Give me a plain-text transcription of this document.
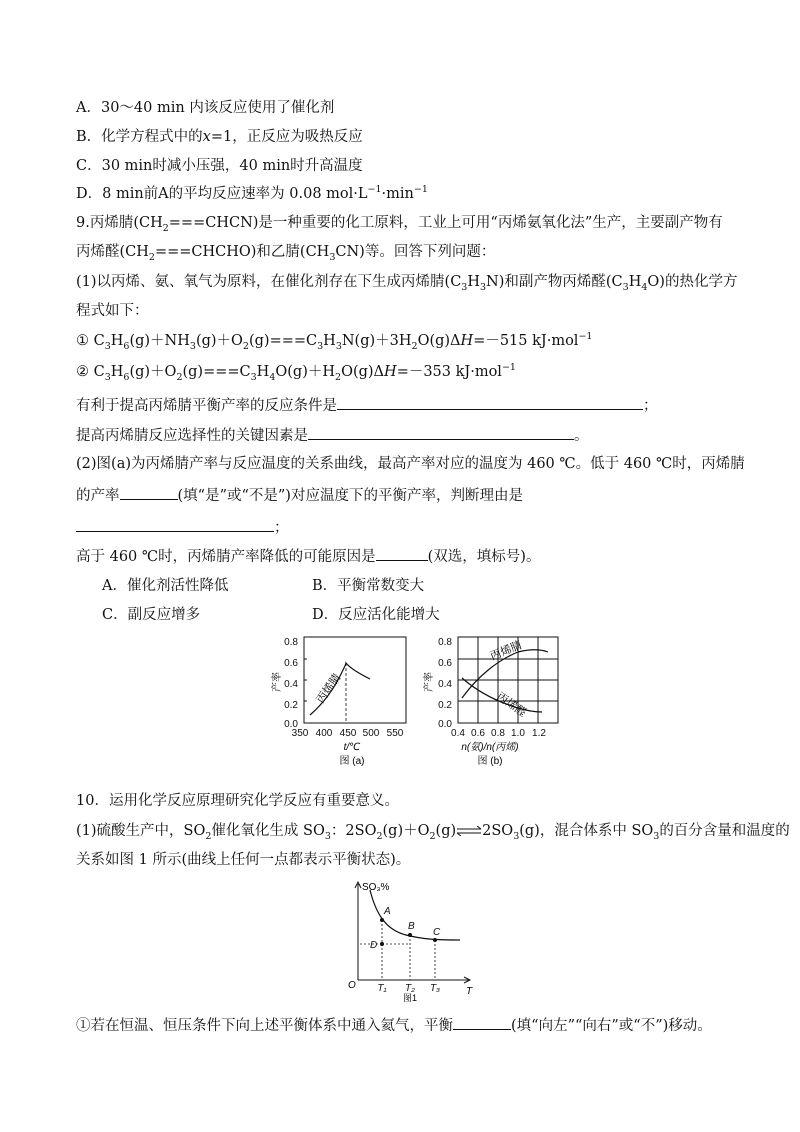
A．30～40 min 内该反应使用了催化剂
B．化学方程式中的x=1，正反应为吸热反应
C．30 min时减小压强，40 min时升高温度
D．8 min前A的平均反应速率为 0.08 $mol\cdot L^{-1}\cdot\min^{-1}$
9.丙烯腈$(CH_2===CHCN)$是一种重要的化工原料，工业上可用“丙烯氨氧化法”生产，主要副产物有
丙烯醛$(CH_2===CHCHO)$和乙腈$(CH_3CN)$等。回答下列问题：
(1)以丙烯、氨、氧气为原料，在催化剂存在下生成丙烯腈$(C_3H_3N)$和副产物丙烯醛$(C_3H_4O)$的热化学方
程式如下：
① $C_3H_6(g)+NH_3(g)+O_2(g)===C_3H_3N(g)+3H_2O(g)\Delta H=-515$ kJ·mol$^{-1}$
② $C_3H_6(g)+O_2(g)===C_3H_4O(g)+H_2O(g)\Delta H=-353$ kJ·mol$^{-1}$
有利于提高丙烯腈平衡产率的反应条件是	；
提高丙烯腈反应选择性的关键因素是	。
(2)图(a)为丙烯腈产率与反应温度的关系曲线，最高产率对应的温度为 460 ℃。低于 460 ℃时，丙烯腈
的产率	(填“是”或“不是”)对应温度下的平衡产率，判断理由是
；
高于 460 ℃时，丙烯腈产率降低的可能原因是	(双选，填标号)。
A．催化剂活性降低	B．平衡常数变大
C．副反应增多	D．反应活化能增大
0.8
0.6
0.4
0.2
0.0
丙烯腈
产率
350 400 450 500 550
t/℃
图 (a)
0.8
0.6
0.4
0.2
0.0
丙烯腈
丙烯醛
产率
0.4 0.6 0.8 1.0 1.2
n(氨)/n(丙烯)
图 (b)
10．运用化学反应原理研究化学反应有重要意义。
(1)硫酸生产中，$SO_2$催化氧化生成 $SO_3$：$2SO_2(g)+O_2(g)\rightleftharpoons 2SO_3(g)$，混合体系中 $SO_3$的百分含量和温度的
关系如图 1 所示(曲线上任何一点都表示平衡状态)。
SO₃%
O
T
A
B
C
D
T₁ T₂ T₃
图1
①若在恒温、恒压条件下向上述平衡体系中通入氦气，平衡	(填“向左”“向右”或“不”)移动。
